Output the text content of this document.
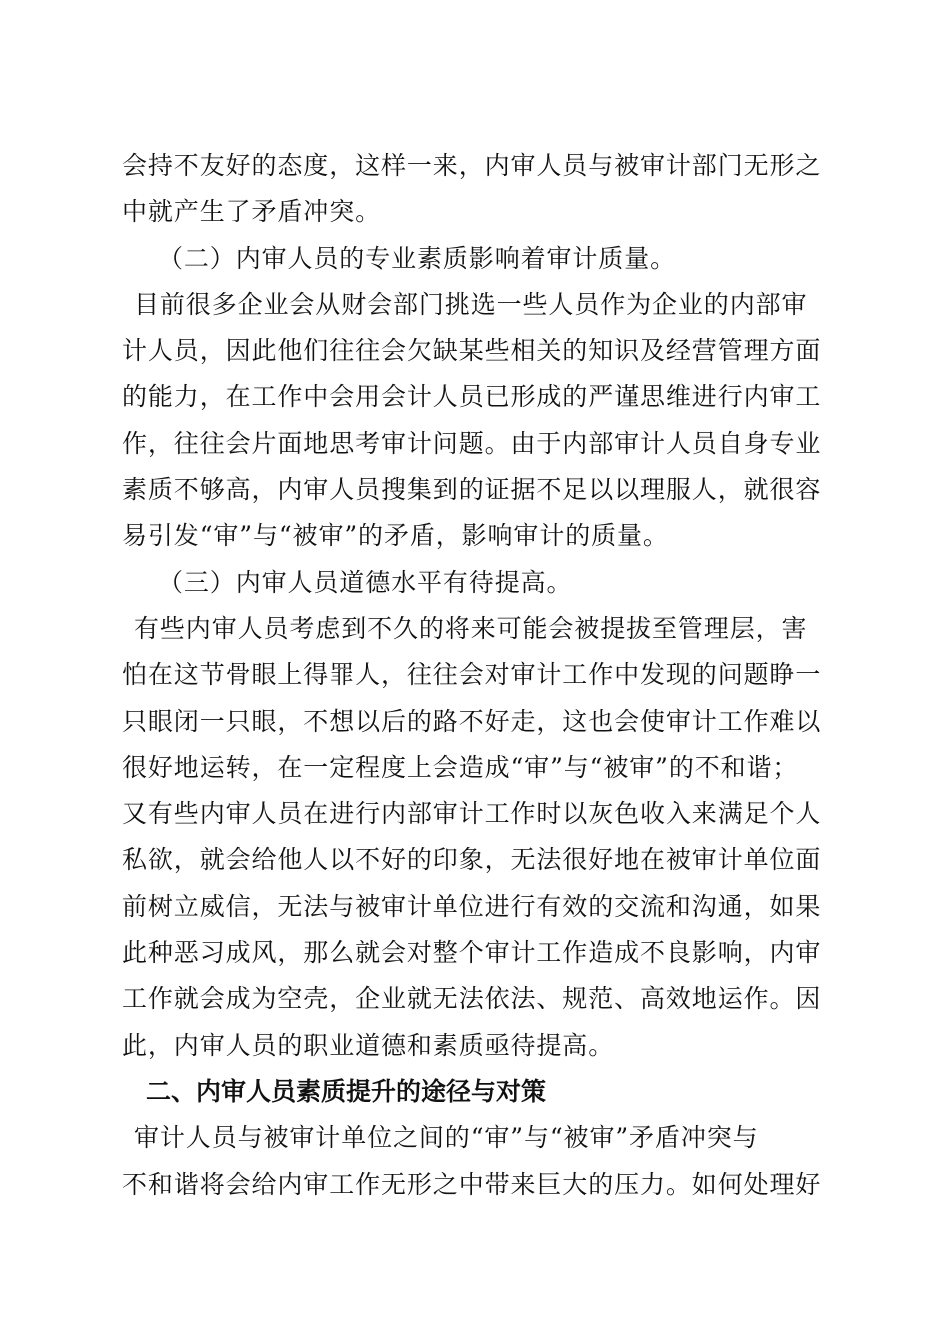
会持不友好的态度，这样一来，内审人员与被审计部门无形之
中就产生了矛盾冲突。
（二）内审人员的专业素质影响着审计质量。
目前很多企业会从财会部门挑选一些人员作为企业的内部审
计人员，因此他们往往会欠缺某些相关的知识及经营管理方面
的能力，在工作中会用会计人员已形成的严谨思维进行内审工
作，往往会片面地思考审计问题。由于内部审计人员自身专业
素质不够高，内审人员搜集到的证据不足以以理服人，就很容
易引发“审”与“被审”的矛盾，影响审计的质量。
（三）内审人员道德水平有待提高。
有些内审人员考虑到不久的将来可能会被提拔至管理层，害
怕在这节骨眼上得罪人，往往会对审计工作中发现的问题睁一
只眼闭一只眼，不想以后的路不好走，这也会使审计工作难以
很好地运转，在一定程度上会造成“审”与“被审”的不和谐；
又有些内审人员在进行内部审计工作时以灰色收入来满足个人
私欲，就会给他人以不好的印象，无法很好地在被审计单位面
前树立威信，无法与被审计单位进行有效的交流和沟通，如果
此种恶习成风，那么就会对整个审计工作造成不良影响，内审
工作就会成为空壳，企业就无法依法、规范、高效地运作。因
此，内审人员的职业道德和素质亟待提高。
二、内审人员素质提升的途径与对策
审计人员与被审计单位之间的“审”与“被审”矛盾冲突与
不和谐将会给内审工作无形之中带来巨大的压力。如何处理好
